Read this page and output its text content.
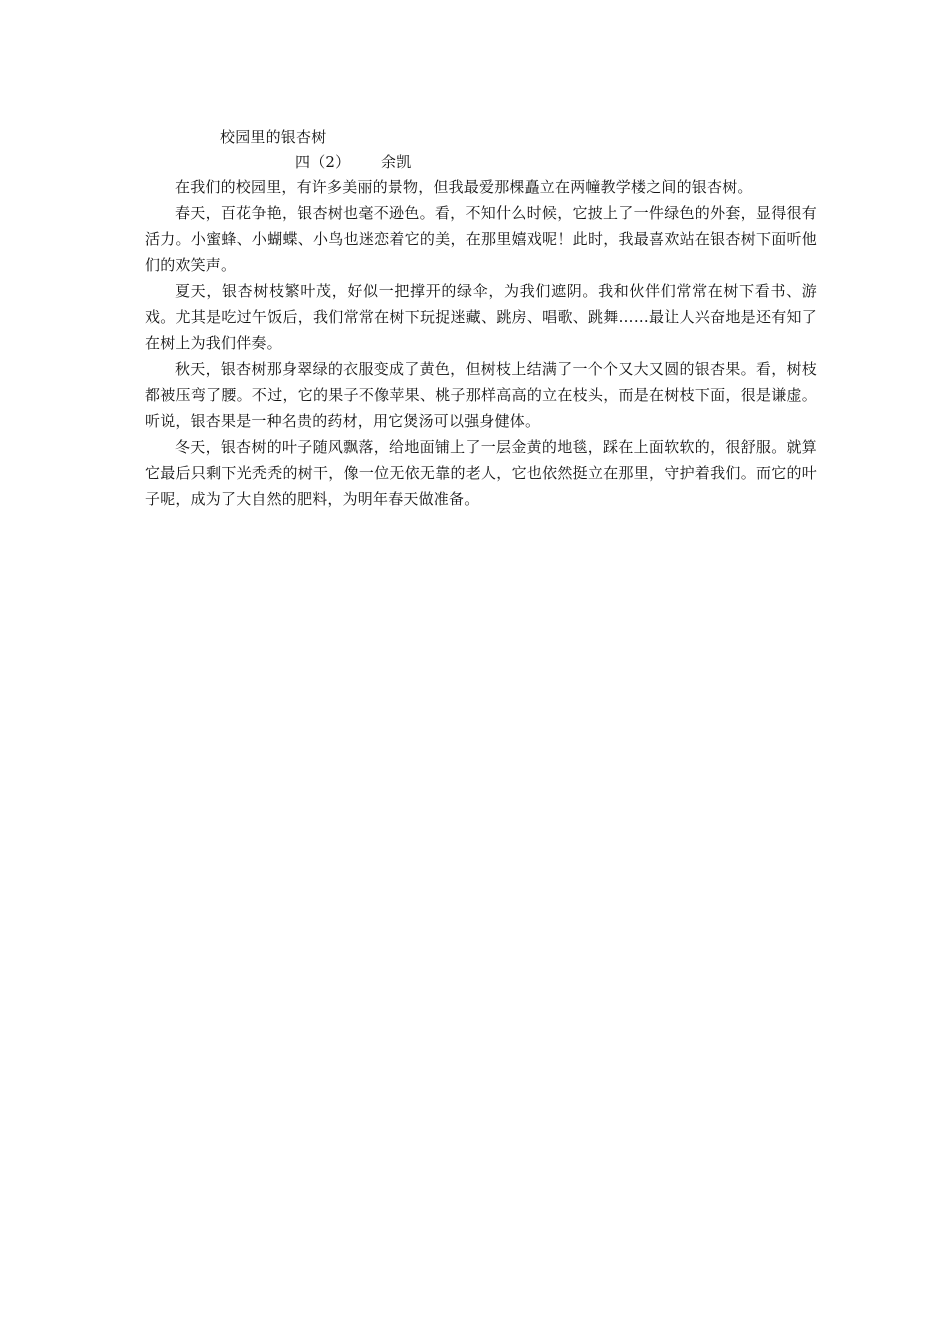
校园里的银杏树
四（2） 余凯

在我们的校园里，有许多美丽的景物，但我最爱那棵矗立在两幢教学楼之间的银杏树。

春天，百花争艳，银杏树也毫不逊色。看，不知什么时候，它披上了一件绿色的外套，显得很有活力。小蜜蜂、小蝴蝶、小鸟也迷恋着它的美，在那里嬉戏呢！此时，我最喜欢站在银杏树下面听他们的欢笑声。

夏天，银杏树枝繁叶茂，好似一把撑开的绿伞，为我们遮阴。我和伙伴们常常在树下看书、游戏。尤其是吃过午饭后，我们常常在树下玩捉迷藏、跳房、唱歌、跳舞……最让人兴奋地是还有知了在树上为我们伴奏。

秋天，银杏树那身翠绿的衣服变成了黄色，但树枝上结满了一个个又大又圆的银杏果。看，树枝都被压弯了腰。不过，它的果子不像苹果、桃子那样高高的立在枝头，而是在树枝下面，很是谦虚。听说，银杏果是一种名贵的药材，用它煲汤可以强身健体。

冬天，银杏树的叶子随风飘落，给地面铺上了一层金黄的地毯，踩在上面软软的，很舒服。就算它最后只剩下光秃秃的树干，像一位无依无靠的老人，它也依然挺立在那里，守护着我们。而它的叶子呢，成为了大自然的肥料，为明年春天做准备。
